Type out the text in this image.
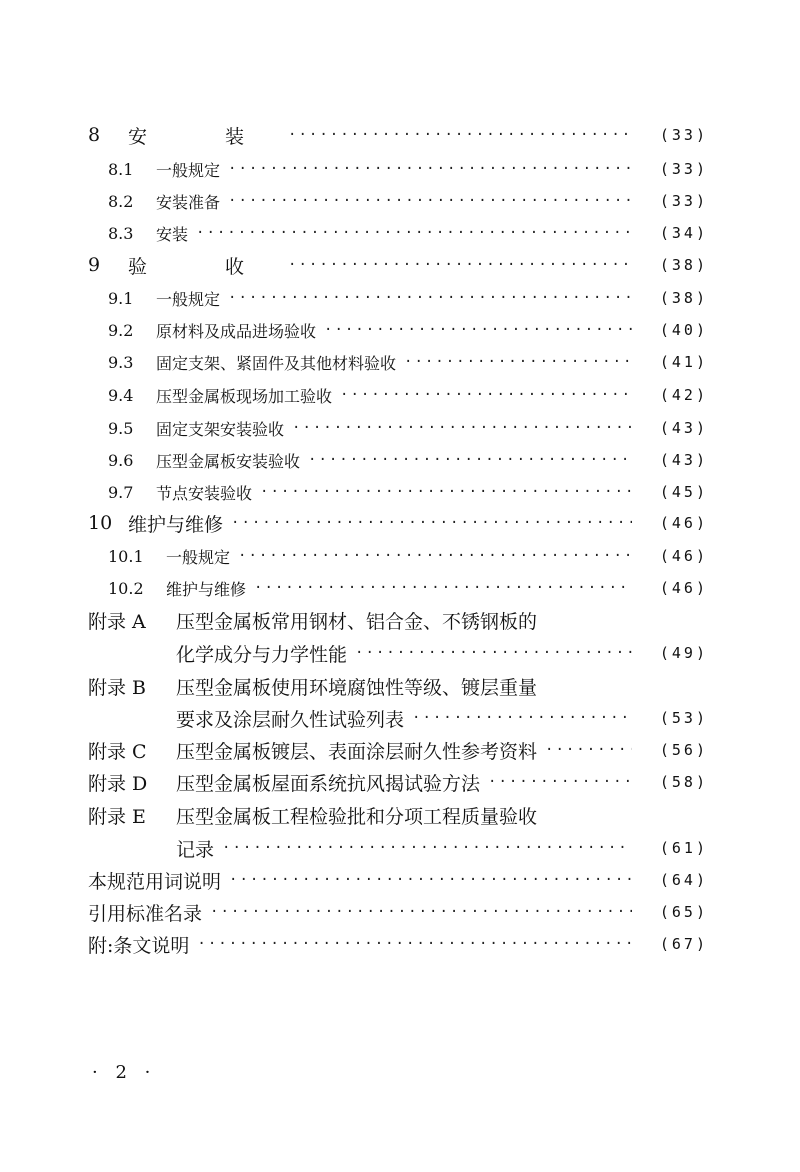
8	安 装 ·····	(33)
8.1	一般规定 ·····	(33)
8.2	安装准备 ·····	(33)
8.3	安装 ·····	(34)
9	验 收 ·····	(38)
9.1	一般规定 ·····	(38)
9.2	原材料及成品进场验收 ·····	(40)
9.3	固定支架、紧固件及其他材料验收 ·····	(41)
9.4	压型金属板现场加工验收 ·····	(42)
9.5	固定支架安装验收 ·····	(43)
9.6	压型金属板安装验收 ·····	(43)
9.7	节点安装验收 ·····	(45)
10 维护与维修 ·····	(46)
10.1	一般规定 ·····	(46)
10.2	维护与维修 ·····	(46)
附录 A	压型金属板常用钢材、铝合金、不锈钢板的
化学成分与力学性能 ·····	(49)
附录 B	压型金属板使用环境腐蚀性等级、镀层重量
要求及涂层耐久性试验列表 ·····	(53)
附录 C	压型金属板镀层、表面涂层耐久性参考资料 ·····	(56)
附录 D	压型金属板屋面系统抗风揭试验方法 ·····	(58)
附录 E	压型金属板工程检验批和分项工程质量验收
记录 ·····	(61)
本规范用词说明 ·····	(64)
引用标准名录 ·····	(65)
附:条文说明 ·····	(67)
· 2 ·
